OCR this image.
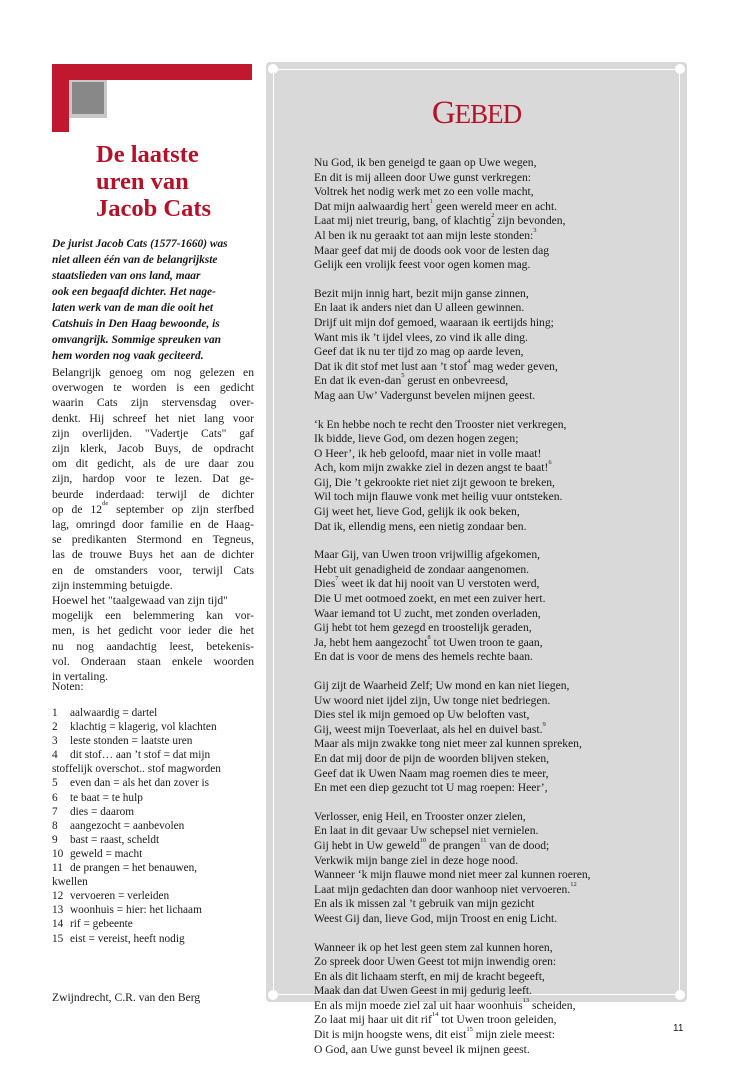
De laatste
uren van
Jacob Cats
De jurist Jacob Cats (1577-1660) was
niet alleen één van de belangrijkste
staatslieden van ons land, maar
ook een begaafd dichter. Het nage-
laten werk van de man die ooit het
Catshuis in Den Haag bewoonde, is
omvangrijk. Sommige spreuken van
hem worden nog vaak geciteerd.
Belangrijk genoeg om nog gelezen en
overwogen te worden is een gedicht
waarin Cats zijn stervensdag over-
denkt. Hij schreef het niet lang voor
zijn overlijden. "Vadertje Cats" gaf
zijn klerk, Jacob Buys, de opdracht
om dit gedicht, als de ure daar zou
zijn, hardop voor te lezen. Dat ge-
beurde inderdaad: terwijl de dichter
op de 12de september op zijn sterfbed
lag, omringd door familie en de Haag-
se predikanten Stermond en Tegneus,
las de trouwe Buys het aan de dichter
en de omstanders voor, terwijl Cats
zijn instemming betuigde.
Hoewel het "taalgewaad van zijn tijd"
mogelijk een belemmering kan vor-
men, is het gedicht voor ieder die het
nu nog aandachtig leest, betekenis-
vol. Onderaan staan enkele woorden
in vertaling.
Noten:
1	aalwaardig = dartel
2	klachtig = klagerig, vol klachten
3	leste stonden = laatste uren
4	dit stof… aan ’t stof = dat mijn
stoffelijk overschot.. stof magworden
5	even dan = als het dan zover is
6	te baat = te hulp
7	dies = daarom
8	aangezocht = aanbevolen
9	bast = raast, scheldt
10 geweld = macht
11 de prangen = het benauwen,
kwellen
12 vervoeren = verleiden
13 woonhuis = hier: het lichaam
14 rif = gebeente
15 eist = vereist, heeft nodig
Zwijndrecht, C.R. van den Berg
GEBED
Nu God, ik ben geneigd te gaan op Uwe wegen,
En dit is mij alleen door Uwe gunst verkregen:
Voltrek het nodig werk met zo een volle macht,
Dat mijn aalwaardig hert$^1$ geen wereld meer en acht.
Laat mij niet treurig, bang, of klachtig$^2$ zijn bevonden,
Al ben ik nu geraakt tot aan mijn leste stonden:$^3$
Maar geef dat mij de doods ook voor de lesten dag
Gelijk een vrolijk feest voor ogen komen mag.
Bezit mijn innig hart, bezit mijn ganse zinnen,
En laat ik anders niet dan U alleen gewinnen.
Drijf uit mijn dof gemoed, waaraan ik eertijds hing;
Want mis ik ’t ijdel vlees, zo vind ik alle ding.
Geef dat ik nu ter tijd zo mag op aarde leven,
Dat ik dit stof met lust aan ’t stof$^4$ mag weder geven,
En dat ik even-dan$^5$ gerust en onbevreesd,
Mag aan Uw’ Vadergunst bevelen mijnen geest.
‘k En hebbe noch te recht den Trooster niet verkregen,
Ik bidde, lieve God, om dezen hogen zegen;
O Heer’, ik heb geloofd, maar niet in volle maat!
Ach, kom mijn zwakke ziel in dezen angst te baat!$^6$
Gij, Die ’t gekrookte riet niet zijt gewoon te breken,
Wil toch mijn flauwe vonk met heilig vuur ontsteken.
Gij weet het, lieve God, gelijk ik ook beken,
Dat ik, ellendig mens, een nietig zondaar ben.
Maar Gij, van Uwen troon vrijwillig afgekomen,
Hebt uit genadigheid de zondaar aangenomen.
Dies$^7$ weet ik dat hij nooit van U verstoten werd,
Die U met ootmoed zoekt, en met een zuiver hert.
Waar iemand tot U zucht, met zonden overladen,
Gij hebt tot hem gezegd en troostelijk geraden,
Ja, hebt hem aangezocht$^8$ tot Uwen troon te gaan,
En dat is voor de mens des hemels rechte baan.
Gij zijt de Waarheid Zelf; Uw mond en kan niet liegen,
Uw woord niet ijdel zijn, Uw tonge niet bedriegen.
Dies stel ik mijn gemoed op Uw beloften vast,
Gij, weest mijn Toeverlaat, als hel en duivel bast.$^9$
Maar als mijn zwakke tong niet meer zal kunnen spreken,
En dat mij door de pijn de woorden blijven steken,
Geef dat ik Uwen Naam mag roemen dies te meer,
En met een diep gezucht tot U mag roepen: Heer’,
Verlosser, enig Heil, en Trooster onzer zielen,
En laat in dit gevaar Uw schepsel niet vernielen.
Gij hebt in Uw geweld$^{10}$ de prangen$^{11}$ van de dood;
Verkwik mijn bange ziel in deze hoge nood.
Wanneer ‘k mijn flauwe mond niet meer zal kunnen roeren,
Laat mijn gedachten dan door wanhoop niet vervoeren.$^{12}$
En als ik missen zal ’t gebruik van mijn gezicht
Weest Gij dan, lieve God, mijn Troost en enig Licht.
Wanneer ik op het lest geen stem zal kunnen horen,
Zo spreek door Uwen Geest tot mijn inwendig oren:
En als dit lichaam sterft, en mij de kracht begeeft,
Maak dan dat Uwen Geest in mij gedurig leeft.
En als mijn moede ziel zal uit haar woonhuis$^{13}$ scheiden,
Zo laat mij haar uit dit rif$^{14}$ tot Uwen troon geleiden,
Dit is mijn hoogste wens, dit eist$^{15}$ mijn ziele meest:
O God, aan Uwe gunst beveel ik mijnen geest.
11
